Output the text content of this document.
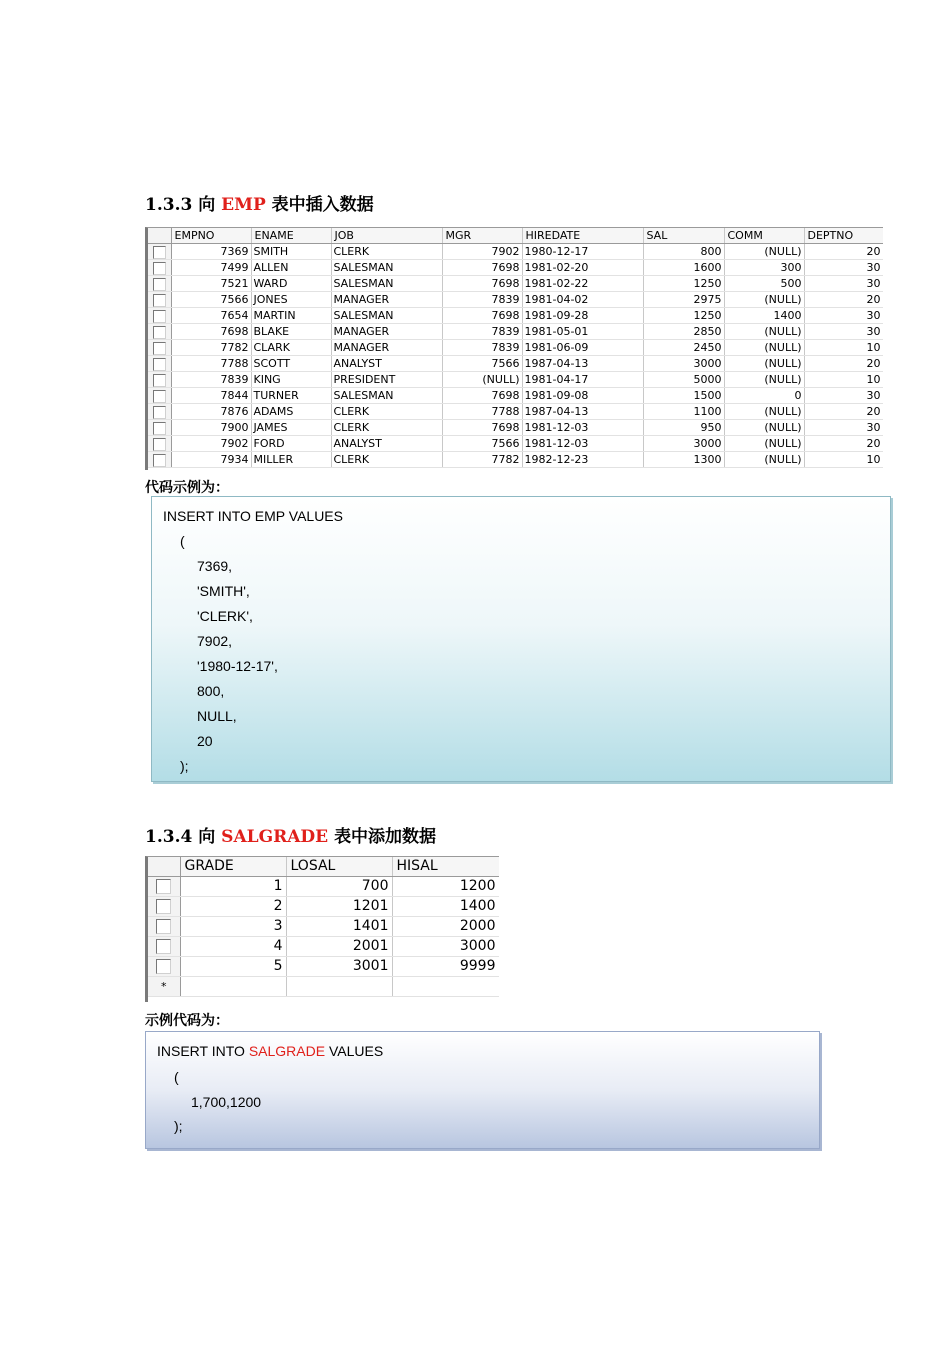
1.3.3 向 EMP 表中插入数据
	EMPNO	ENAME	JOB	MGR	HIREDATE	SAL	COMM	DEPTNO
	7369	SMITH	CLERK	7902	1980-12-17	800	(NULL)	20
	7499	ALLEN	SALESMAN	7698	1981-02-20	1600	300	30
	7521	WARD	SALESMAN	7698	1981-02-22	1250	500	30
	7566	JONES	MANAGER	7839	1981-04-02	2975	(NULL)	20
	7654	MARTIN	SALESMAN	7698	1981-09-28	1250	1400	30
	7698	BLAKE	MANAGER	7839	1981-05-01	2850	(NULL)	30
	7782	CLARK	MANAGER	7839	1981-06-09	2450	(NULL)	10
	7788	SCOTT	ANALYST	7566	1987-04-13	3000	(NULL)	20
	7839	KING	PRESIDENT	(NULL)	1981-04-17	5000	(NULL)	10
	7844	TURNER	SALESMAN	7698	1981-09-08	1500	0	30
	7876	ADAMS	CLERK	7788	1987-04-13	1100	(NULL)	20
	7900	JAMES	CLERK	7698	1981-12-03	950	(NULL)	30
	7902	FORD	ANALYST	7566	1981-12-03	3000	(NULL)	20
	7934	MILLER	CLERK	7782	1982-12-23	1300	(NULL)	10
代码示例为：
INSERT INTO EMP VALUES
(
7369,
'SMITH',
'CLERK',
7902,
'1980-12-17',
800,
NULL,
20
);
1.3.4 向 SALGRADE 表中添加数据
	GRADE	LOSAL	HISAL
	1	700	1200
	2	1201	1400
	3	1401	2000
	4	2001	3000
	5	3001	9999
*			
示例代码为：
INSERT INTO SALGRADE VALUES
(
1,700,1200
);
